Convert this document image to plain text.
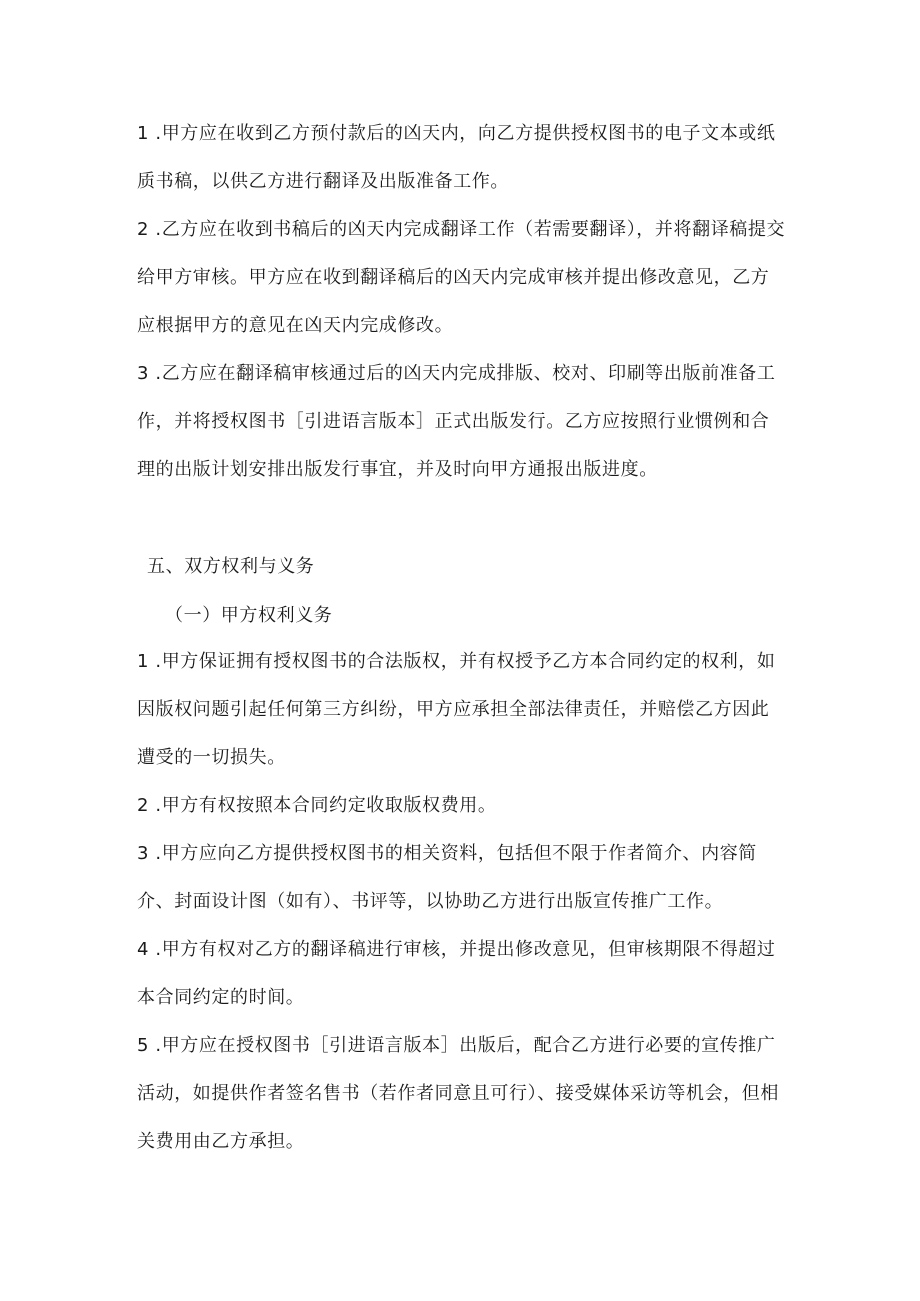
1 .甲方应在收到乙方预付款后的凶天内，向乙方提供授权图书的电子文本或纸质书稿，以供乙方进行翻译及出版准备工作。

2 .乙方应在收到书稿后的凶天内完成翻译工作（若需要翻译），并将翻译稿提交给甲方审核。甲方应在收到翻译稿后的凶天内完成审核并提出修改意见，乙方应根据甲方的意见在凶天内完成修改。

3 .乙方应在翻译稿审核通过后的凶天内完成排版、校对、印刷等出版前准备工作，并将授权图书［引进语言版本］正式出版发行。乙方应按照行业惯例和合理的出版计划安排出版发行事宜，并及时向甲方通报出版进度。

五、双方权利与义务
（一）甲方权利义务

1 .甲方保证拥有授权图书的合法版权，并有权授予乙方本合同约定的权利，如因版权问题引起任何第三方纠纷，甲方应承担全部法律责任，并赔偿乙方因此遭受的一切损失。

2 .甲方有权按照本合同约定收取版权费用。

3 .甲方应向乙方提供授权图书的相关资料，包括但不限于作者简介、内容简介、封面设计图（如有）、书评等，以协助乙方进行出版宣传推广工作。

4 .甲方有权对乙方的翻译稿进行审核，并提出修改意见，但审核期限不得超过本合同约定的时间。

5 .甲方应在授权图书［引进语言版本］出版后，配合乙方进行必要的宣传推广活动，如提供作者签名售书（若作者同意且可行）、接受媒体采访等机会，但相关费用由乙方承担。
